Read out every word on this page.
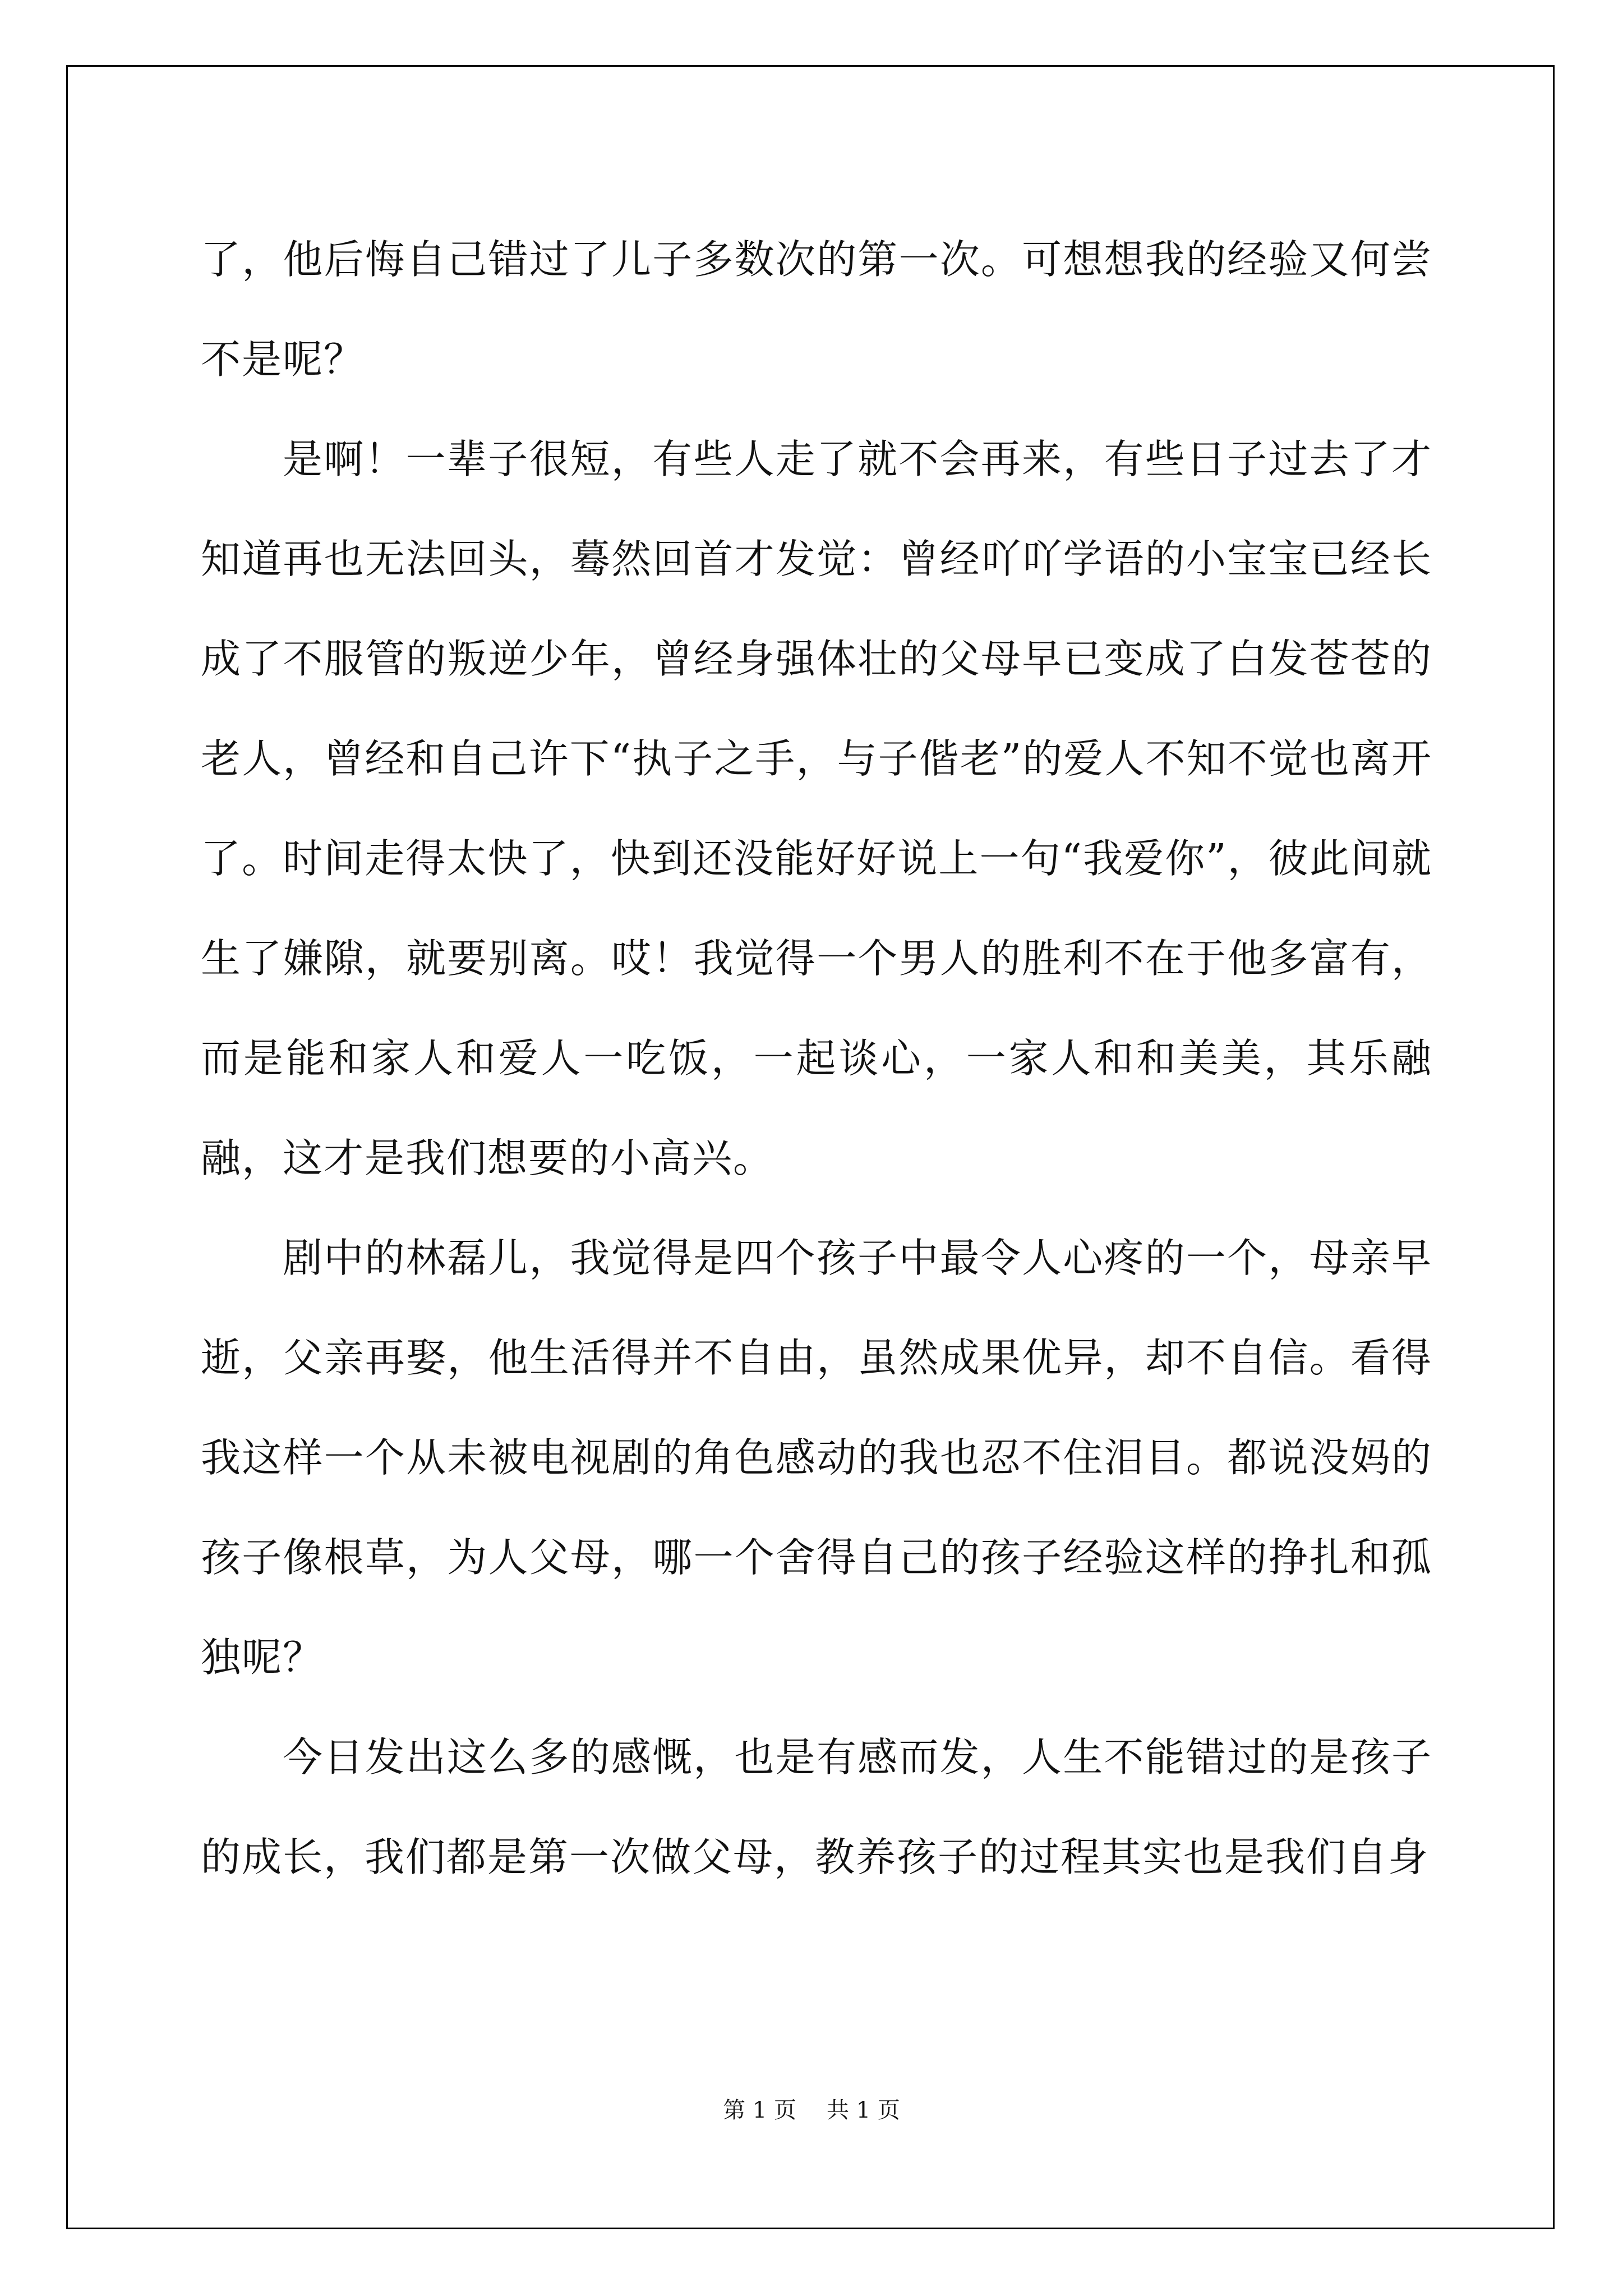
了，他后悔自己错过了儿子多数次的第一次。可想想我的经验又何尝不是呢？

是啊！一辈子很短，有些人走了就不会再来，有些日子过去了才知道再也无法回头，蓦然回首才发觉：曾经吖吖学语的小宝宝已经长成了不服管的叛逆少年，曾经身强体壮的父母早已变成了白发苍苍的老人，曾经和自己许下“执子之手，与子偕老”的爱人不知不觉也离开了。时间走得太快了，快到还没能好好说上一句“我爱你”，彼此间就生了嫌隙，就要别离。哎！我觉得一个男人的胜利不在于他多富有，而是能和家人和爱人一吃饭，一起谈心，一家人和和美美，其乐融融，这才是我们想要的小高兴。

剧中的林磊儿，我觉得是四个孩子中最令人心疼的一个，母亲早逝，父亲再娶，他生活得并不自由，虽然成果优异，却不自信。看得我这样一个从未被电视剧的角色感动的我也忍不住泪目。都说没妈的孩子像根草，为人父母，哪一个舍得自己的孩子经验这样的挣扎和孤独呢？

今日发出这么多的感慨，也是有感而发，人生不能错过的是孩子的成长，我们都是第一次做父母，教养孩子的过程其实也是我们自身

第 1 页 共 1 页
